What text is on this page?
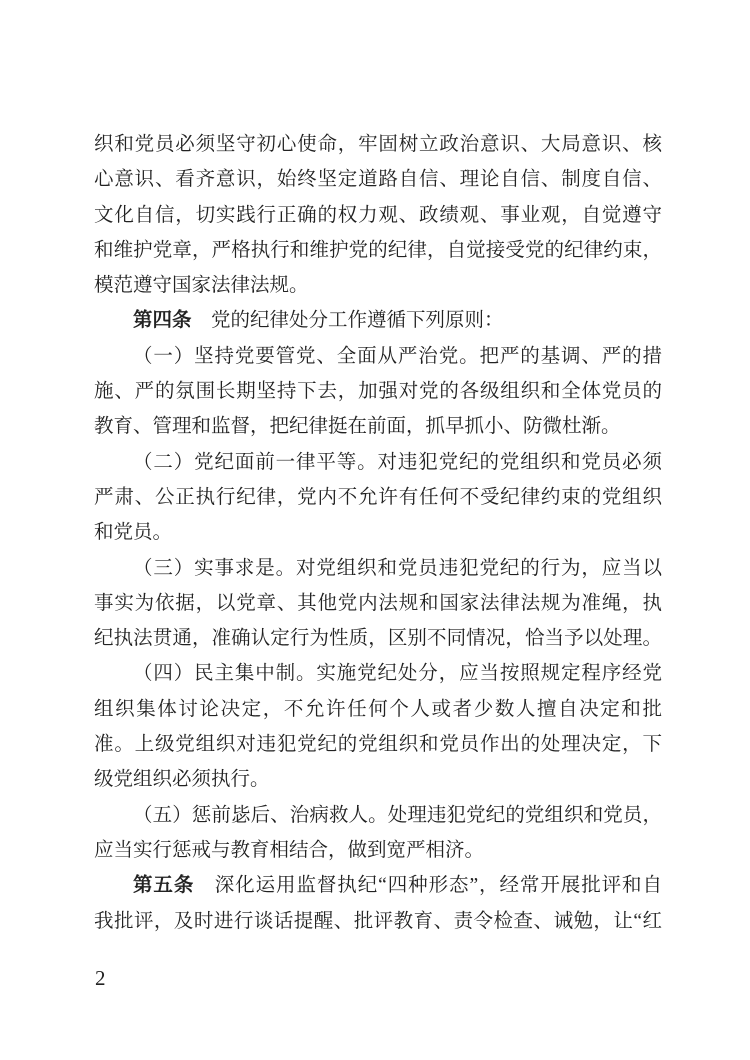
织和党员必须坚守初心使命，牢固树立政治意识、大局意识、核
心意识、看齐意识，始终坚定道路自信、理论自信、制度自信、
文化自信，切实践行正确的权力观、政绩观、事业观，自觉遵守
和维护党章，严格执行和维护党的纪律，自觉接受党的纪律约束，
模范遵守国家法律法规。
第四条　党的纪律处分工作遵循下列原则：
（一）坚持党要管党、全面从严治党。把严的基调、严的措
施、严的氛围长期坚持下去，加强对党的各级组织和全体党员的
教育、管理和监督，把纪律挺在前面，抓早抓小、防微杜渐。
（二）党纪面前一律平等。对违犯党纪的党组织和党员必须
严肃、公正执行纪律，党内不允许有任何不受纪律约束的党组织
和党员。
（三）实事求是。对党组织和党员违犯党纪的行为，应当以
事实为依据，以党章、其他党内法规和国家法律法规为准绳，执
纪执法贯通，准确认定行为性质，区别不同情况，恰当予以处理。
（四）民主集中制。实施党纪处分，应当按照规定程序经党
组织集体讨论决定，不允许任何个人或者少数人擅自决定和批
准。上级党组织对违犯党纪的党组织和党员作出的处理决定，下
级党组织必须执行。
（五）惩前毖后、治病救人。处理违犯党纪的党组织和党员，
应当实行惩戒与教育相结合，做到宽严相济。
第五条　深化运用监督执纪“四种形态”，经常开展批评和自
我批评，及时进行谈话提醒、批评教育、责令检查、诫勉，让“红
2
